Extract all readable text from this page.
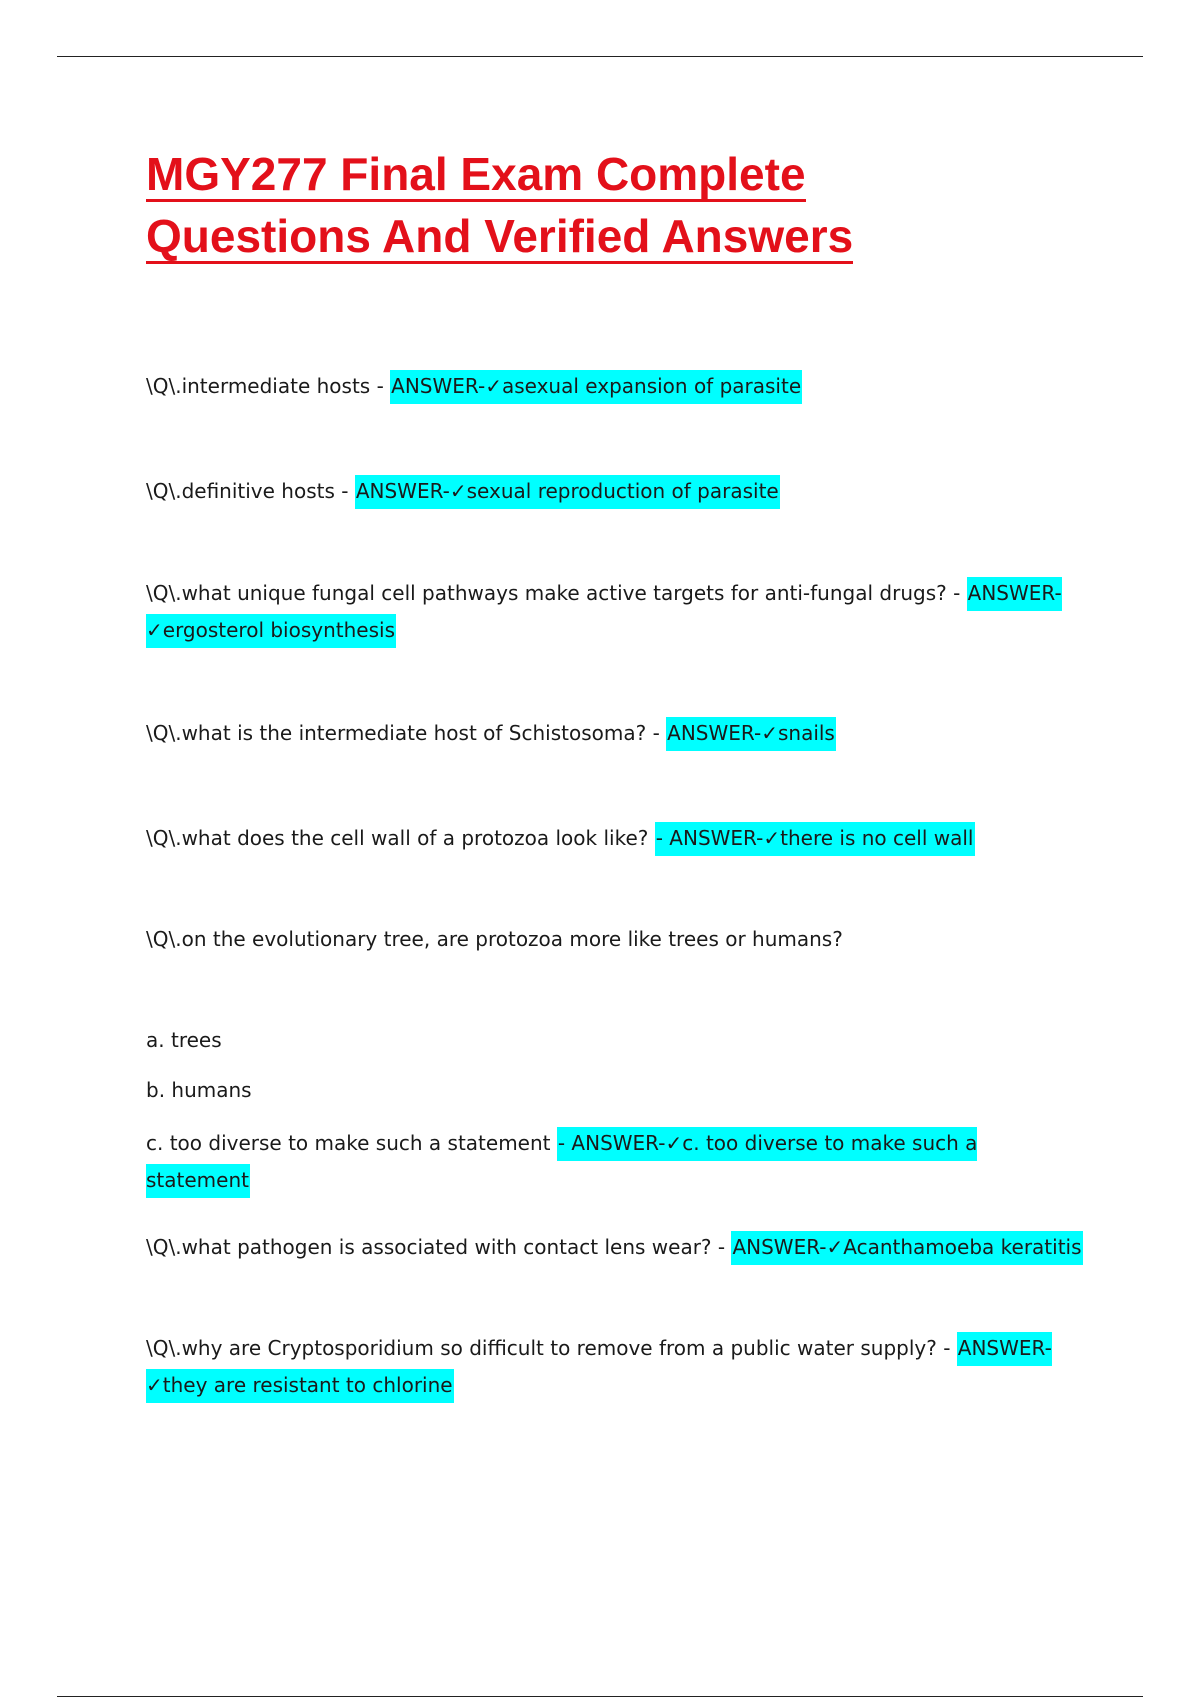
MGY277 Final Exam Complete
Questions And Verified Answers
\Q\.intermediate hosts - ANSWER-✓asexual expansion of parasite
\Q\.definitive hosts - ANSWER-✓sexual reproduction of parasite
\Q\.what unique fungal cell pathways make active targets for anti-fungal drugs? - ANSWER-✓ergosterol biosynthesis
\Q\.what is the intermediate host of Schistosoma? - ANSWER-✓snails
\Q\.what does the cell wall of a protozoa look like? - ANSWER-✓there is no cell wall
\Q\.on the evolutionary tree, are protozoa more like trees or humans?
a. trees
b. humans
c. too diverse to make such a statement - ANSWER-✓c. too diverse to make such a statement
\Q\.what pathogen is associated with contact lens wear? - ANSWER-✓Acanthamoeba keratitis
\Q\.why are Cryptosporidium so difficult to remove from a public water supply? - ANSWER-✓they are resistant to chlorine
